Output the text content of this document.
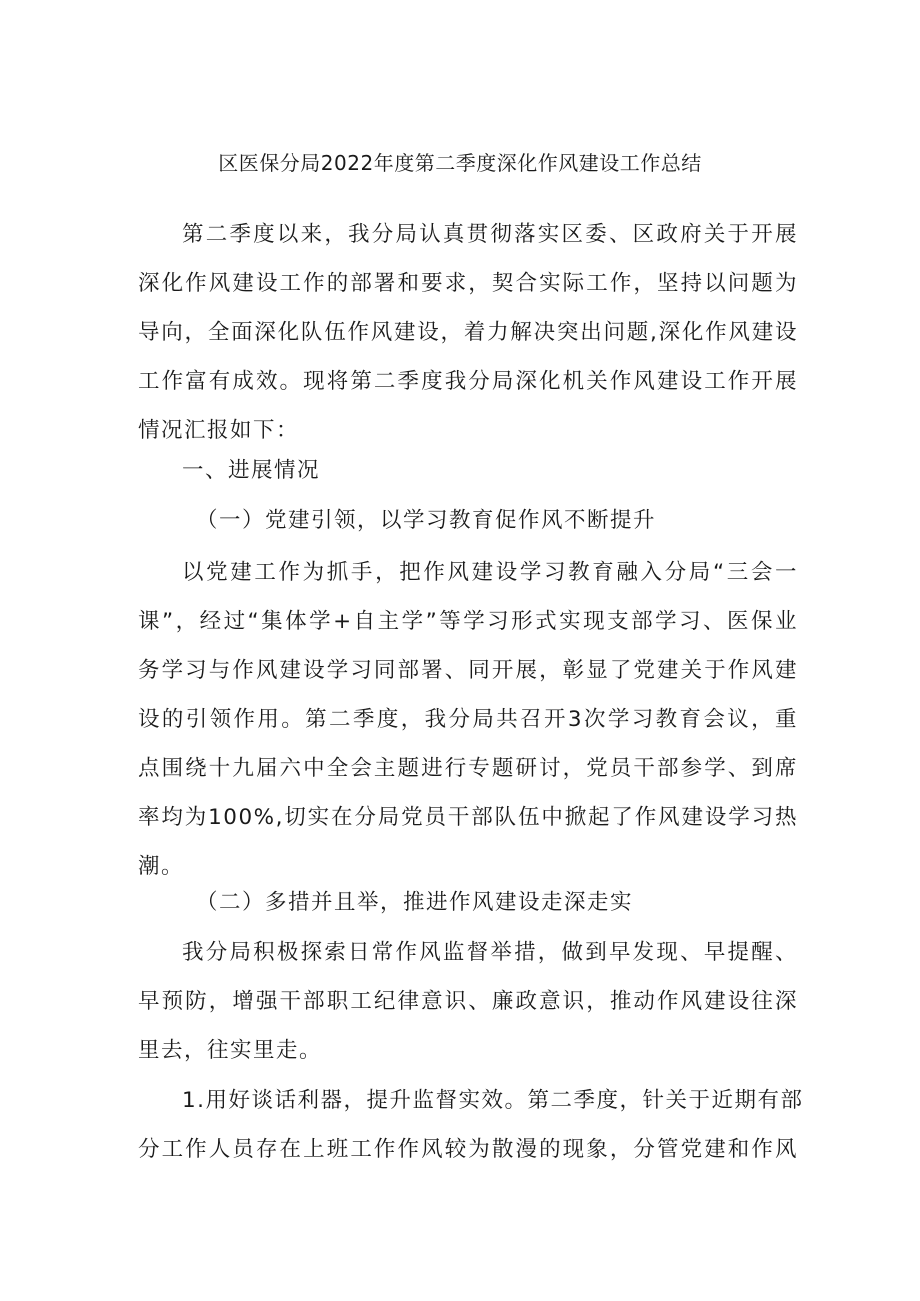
区医保分局2022年度第二季度深化作风建设工作总结
第二季度以来，我分局认真贯彻落实区委、区政府关于开展
深化作风建设工作的部署和要求，契合实际工作，坚持以问题为
导向，全面深化队伍作风建设，着力解决突出问题,深化作风建设
工作富有成效。现将第二季度我分局深化机关作风建设工作开展
情况汇报如下：
一、进展情况
（一）党建引领，以学习教育促作风不断提升
以党建工作为抓手，把作风建设学习教育融入分局“三会一
课”，经过“集体学+自主学”等学习形式实现支部学习、医保业
务学习与作风建设学习同部署、同开展，彰显了党建关于作风建
设的引领作用。第二季度，我分局共召开3次学习教育会议，重
点围绕十九届六中全会主题进行专题研讨，党员干部参学、到席
率均为100%,切实在分局党员干部队伍中掀起了作风建设学习热
潮。
（二）多措并且举，推进作风建设走深走实
我分局积极探索日常作风监督举措，做到早发现、早提醒、
早预防，增强干部职工纪律意识、廉政意识，推动作风建设往深
里去，往实里走。
1.用好谈话利器，提升监督实效。第二季度，针关于近期有部
分工作人员存在上班工作作风较为散漫的现象，分管党建和作风
